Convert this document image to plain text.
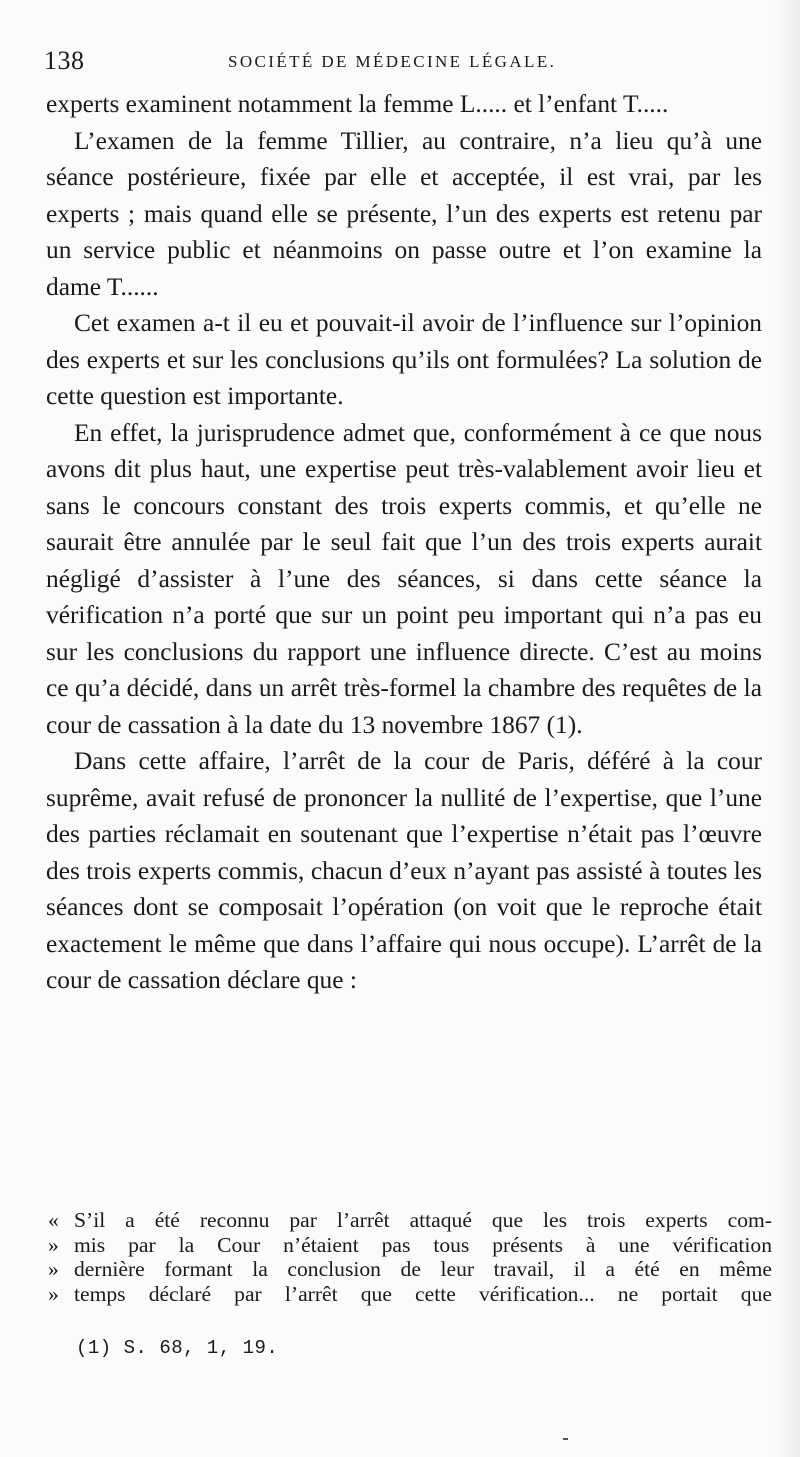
138	SOCIÉTÉ DE MÉDECINE LÉGALE.

experts examinent notamment la femme L..... et l’enfant T.....

L’examen de la femme Tillier, au contraire, n’a lieu qu’à une séance postérieure, fixée par elle et acceptée, il est vrai, par les experts ; mais quand elle se présente, l’un des experts est retenu par un service public et néanmoins on passe outre et l’on examine la dame T......

Cet examen a-t il eu et pouvait-il avoir de l’influence sur l’opinion des experts et sur les conclusions qu’ils ont formulées? La solution de cette question est importante.

En effet, la jurisprudence admet que, conformément à ce que nous avons dit plus haut, une expertise peut très-valablement avoir lieu et sans le concours constant des trois experts commis, et qu’elle ne saurait être annulée par le seul fait que l’un des trois experts aurait négligé d’assister à l’une des séances, si dans cette séance la vérification n’a porté que sur un point peu important qui n’a pas eu sur les conclusions du rapport une influence directe. C’est au moins ce qu’a décidé, dans un arrêt très-formel la chambre des requêtes de la cour de cassation à la date du 13 novembre 1867 (1).

Dans cette affaire, l’arrêt de la cour de Paris, déféré à la cour suprême, avait refusé de prononcer la nullité de l’expertise, que l’une des parties réclamait en soutenant que l’expertise n’était pas l’œuvre des trois experts commis, chacun d’eux n’ayant pas assisté à toutes les séances dont se composait l’opération (on voit que le reproche était exactement le même que dans l’affaire qui nous occupe). L’arrêt de la cour de cassation déclare que :

« S’il a été reconnu par l’arrêt attaqué que les trois experts com-
» mis par la Cour n’étaient pas tous présents à une vérification
» dernière formant la conclusion de leur travail, il a été en même
» temps déclaré par l’arrêt que cette vérification... ne portait que
(1) S. 68, 1, 19.
